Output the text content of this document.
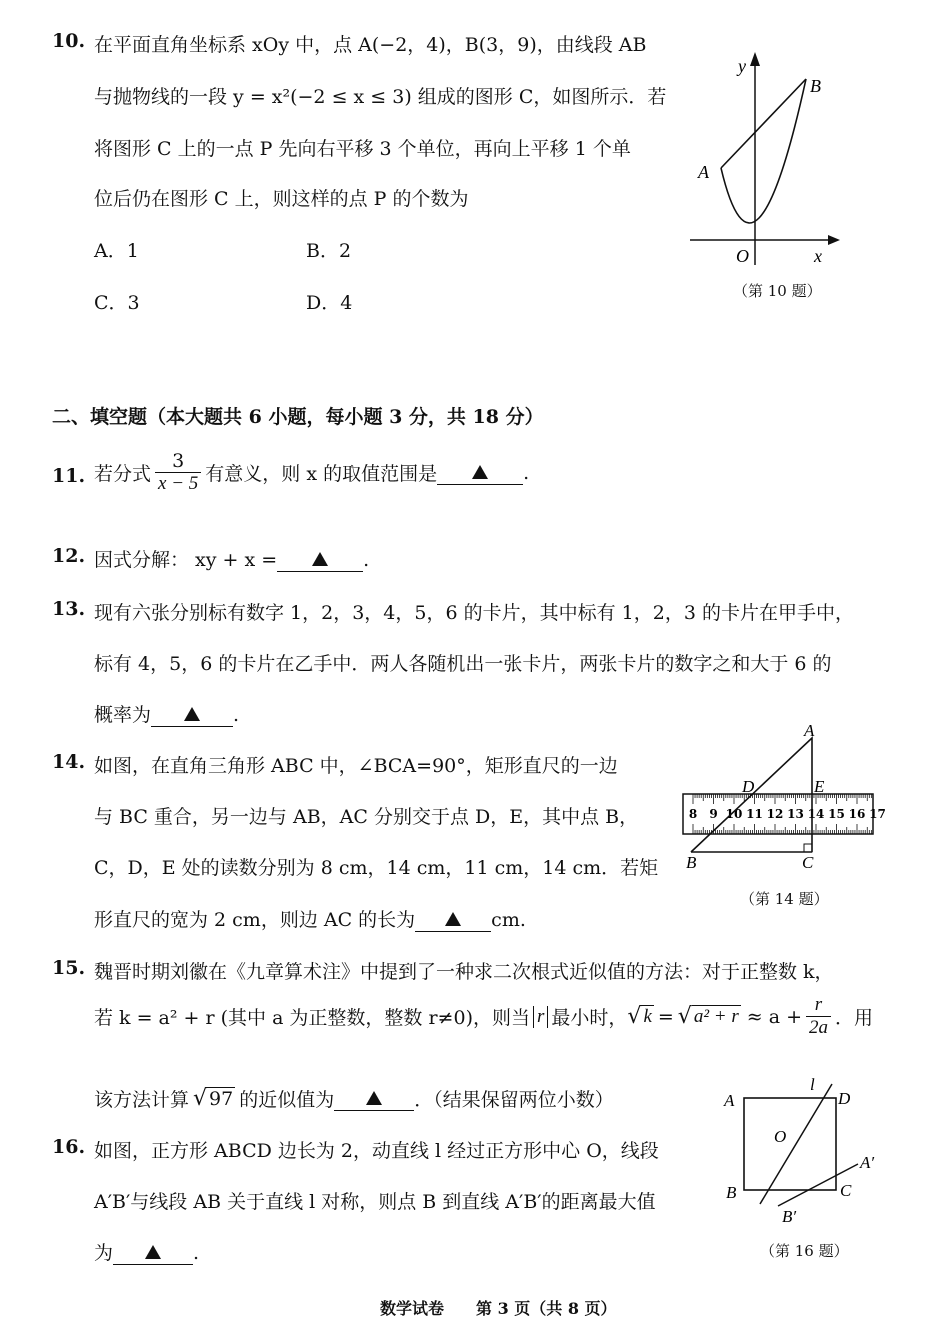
10. 在平面直角坐标系 xOy 中，点 A(−2，4)，B(3，9)，由线段 AB
与抛物线的一段 y = x²(−2 ≤ x ≤ 3) 组成的图形 C，如图所示．若
将图形 C 上的一点 P 先向右平移 3 个单位，再向上平移 1 个单
位后仍在图形 C 上，则这样的点 P 的个数为
A．1	B．2
C．3	D．4
y
B
A
O	x
（第 10 题）
二、填空题（本大题共 6 小题，每小题 3 分，共 18 分）
11. 若分式 $\frac{3}{x - 5}$ 有意义，则 x 的取值范围是	.
12. 因式分解： xy + x =	.
13. 现有六张分别标有数字 1，2，3，4，5，6 的卡片，其中标有 1，2，3 的卡片在甲手中，
标有 4，5，6 的卡片在乙手中．两人各随机出一张卡片，两张卡片的数字之和大于 6 的
概率为	.
14. 如图，在直角三角形 ABC 中，∠BCA=90°，矩形直尺的一边
与 BC 重合，另一边与 AB，AC 分别交于点 D，E，其中点 B，
C，D，E 处的读数分别为 8 cm，14 cm，11 cm，14 cm．若矩
形直尺的宽为 2 cm，则边 AC 的长为	cm.
8 9 10 11 12 13 14 15 16 17
A
D	E
B	C
（第 14 题）
15. 魏晋时期刘徽在《九章算术注》中提到了一种求二次根式近似值的方法：对于正整数 k，
若 k = a² + r (其中 a 为正整数，整数 r≠0)，则当 r 最小时， √ k = √ $a^2 + r \approx a + \frac{r}{2a}$ ．用
该方法计算 √ 97 的近似值为	．（结果保留两位小数）
16. 如图，正方形 ABCD 边长为 2，动直线 l 经过正方形中心 O，线段
A′B′与线段 AB 关于直线 l 对称，则点 B 到直线 A′B′的距离最大值
为	.
A
l
D
O
A′
B	C
B′
（第 16 题）
数学试卷　　第 3 页（共 8 页）
